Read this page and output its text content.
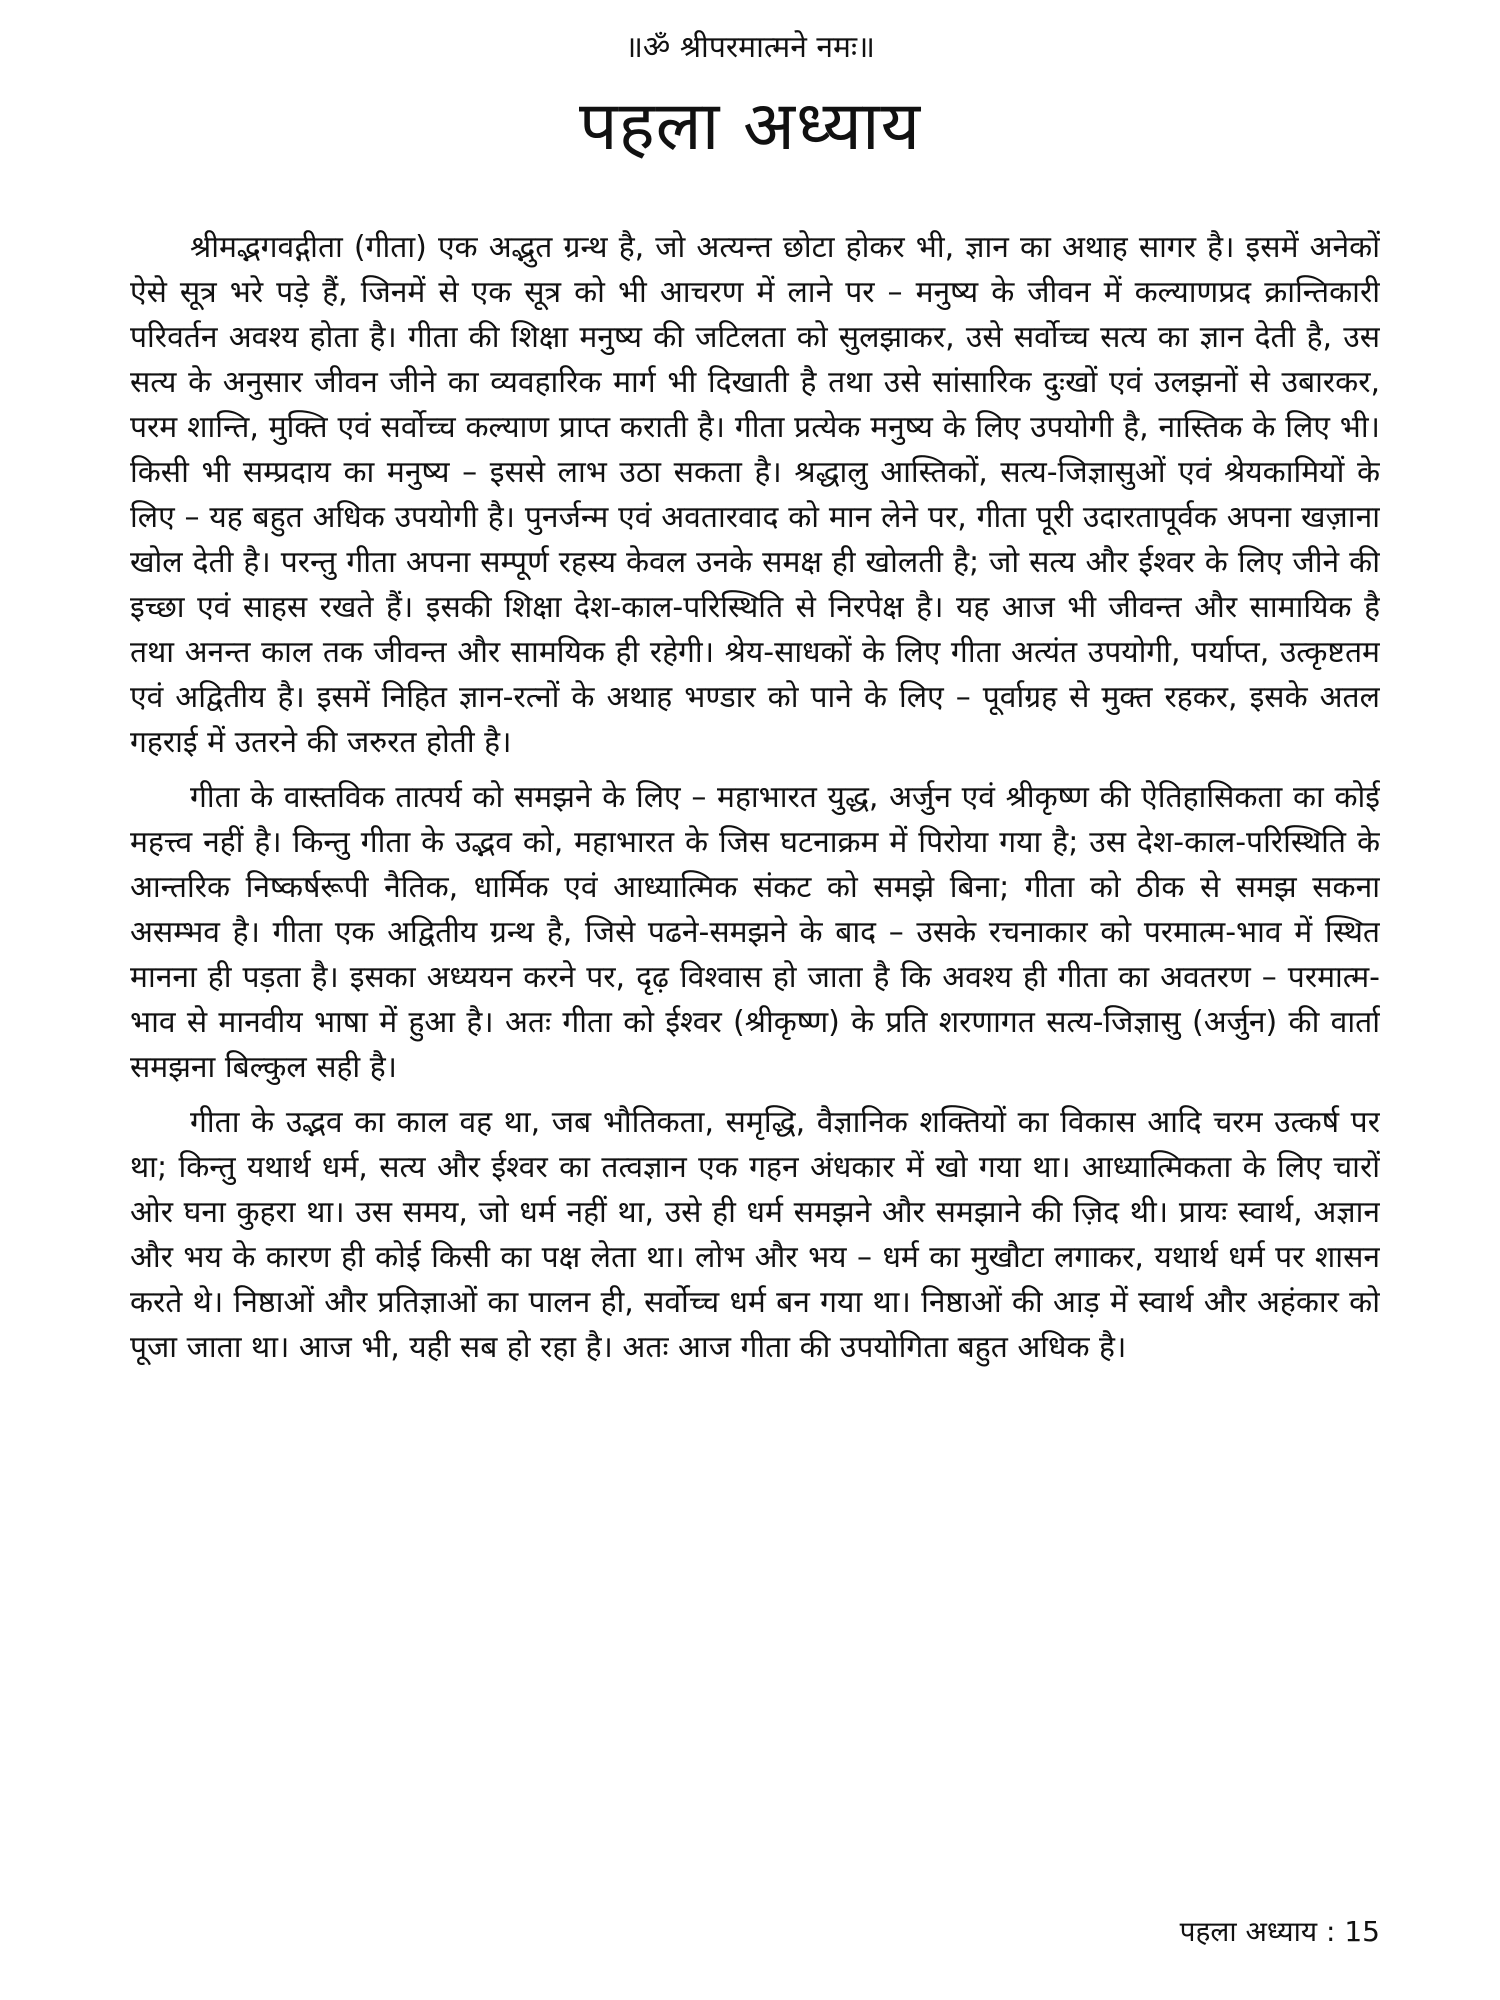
॥ॐ श्रीपरमात्मने नमः॥
पहला अध्याय

श्रीमद्भगवद्गीता (गीता) एक अद्भुत ग्रन्थ है, जो अत्यन्त छोटा होकर भी, ज्ञान का अथाह सागर है। इसमें अनेकों ऐसे सूत्र भरे पड़े हैं, जिनमें से एक सूत्र को भी आचरण में लाने पर – मनुष्य के जीवन में कल्याणप्रद क्रान्तिकारी परिवर्तन अवश्य होता है। गीता की शिक्षा मनुष्य की जटिलता को सुलझाकर, उसे सर्वोच्च सत्य का ज्ञान देती है, उस सत्य के अनुसार जीवन जीने का व्यवहारिक मार्ग भी दिखाती है तथा उसे सांसारिक दुःखों एवं उलझनों से उबारकर, परम शान्ति, मुक्ति एवं सर्वोच्च कल्याण प्राप्त कराती है। गीता प्रत्येक मनुष्य के लिए उपयोगी है, नास्तिक के लिए भी। किसी भी सम्प्रदाय का मनुष्य – इससे लाभ उठा सकता है। श्रद्धालु आस्तिकों, सत्य-जिज्ञासुओं एवं श्रेयकामियों के लिए – यह बहुत अधिक उपयोगी है। पुनर्जन्म एवं अवतारवाद को मान लेने पर, गीता पूरी उदारतापूर्वक अपना खज़ाना खोल देती है। परन्तु गीता अपना सम्पूर्ण रहस्य केवल उनके समक्ष ही खोलती है; जो सत्य और ईश्वर के लिए जीने की इच्छा एवं साहस रखते हैं। इसकी शिक्षा देश-काल-परिस्थिति से निरपेक्ष है। यह आज भी जीवन्त और सामायिक है तथा अनन्त काल तक जीवन्त और सामयिक ही रहेगी। श्रेय-साधकों के लिए गीता अत्यंत उपयोगी, पर्याप्त, उत्कृष्टतम एवं अद्वितीय है। इसमें निहित ज्ञान-रत्नों के अथाह भण्डार को पाने के लिए – पूर्वाग्रह से मुक्त रहकर, इसके अतल गहराई में उतरने की जरुरत होती है।

गीता के वास्तविक तात्पर्य को समझने के लिए – महाभारत युद्ध, अर्जुन एवं श्रीकृष्ण की ऐतिहासिकता का कोई महत्त्व नहीं है। किन्तु गीता के उद्भव को, महाभारत के जिस घटनाक्रम में पिरोया गया है; उस देश-काल-परिस्थिति के आन्तरिक निष्कर्षरूपी नैतिक, धार्मिक एवं आध्यात्मिक संकट को समझे बिना; गीता को ठीक से समझ सकना असम्भव है। गीता एक अद्वितीय ग्रन्थ है, जिसे पढने-समझने के बाद – उसके रचनाकार को परमात्म-भाव में स्थित मानना ही पड़ता है। इसका अध्ययन करने पर, दृढ़ विश्वास हो जाता है कि अवश्य ही गीता का अवतरण – परमात्म-भाव से मानवीय भाषा में हुआ है। अतः गीता को ईश्वर (श्रीकृष्ण) के प्रति शरणागत सत्य-जिज्ञासु (अर्जुन) की वार्ता समझना बिल्कुल सही है।

गीता के उद्भव का काल वह था, जब भौतिकता, समृद्धि, वैज्ञानिक शक्तियों का विकास आदि चरम उत्कर्ष पर था; किन्तु यथार्थ धर्म, सत्य और ईश्वर का तत्वज्ञान एक गहन अंधकार में खो गया था। आध्यात्मिकता के लिए चारों ओर घना कुहरा था। उस समय, जो धर्म नहीं था, उसे ही धर्म समझने और समझाने की ज़िद थी। प्रायः स्वार्थ, अज्ञान और भय के कारण ही कोई किसी का पक्ष लेता था। लोभ और भय – धर्म का मुखौटा लगाकर, यथार्थ धर्म पर शासन करते थे। निष्ठाओं और प्रतिज्ञाओं का पालन ही, सर्वोच्च धर्म बन गया था। निष्ठाओं की आड़ में स्वार्थ और अहंकार को पूजा जाता था। आज भी, यही सब हो रहा है। अतः आज गीता की उपयोगिता बहुत अधिक है।

पहला अध्याय : 15
